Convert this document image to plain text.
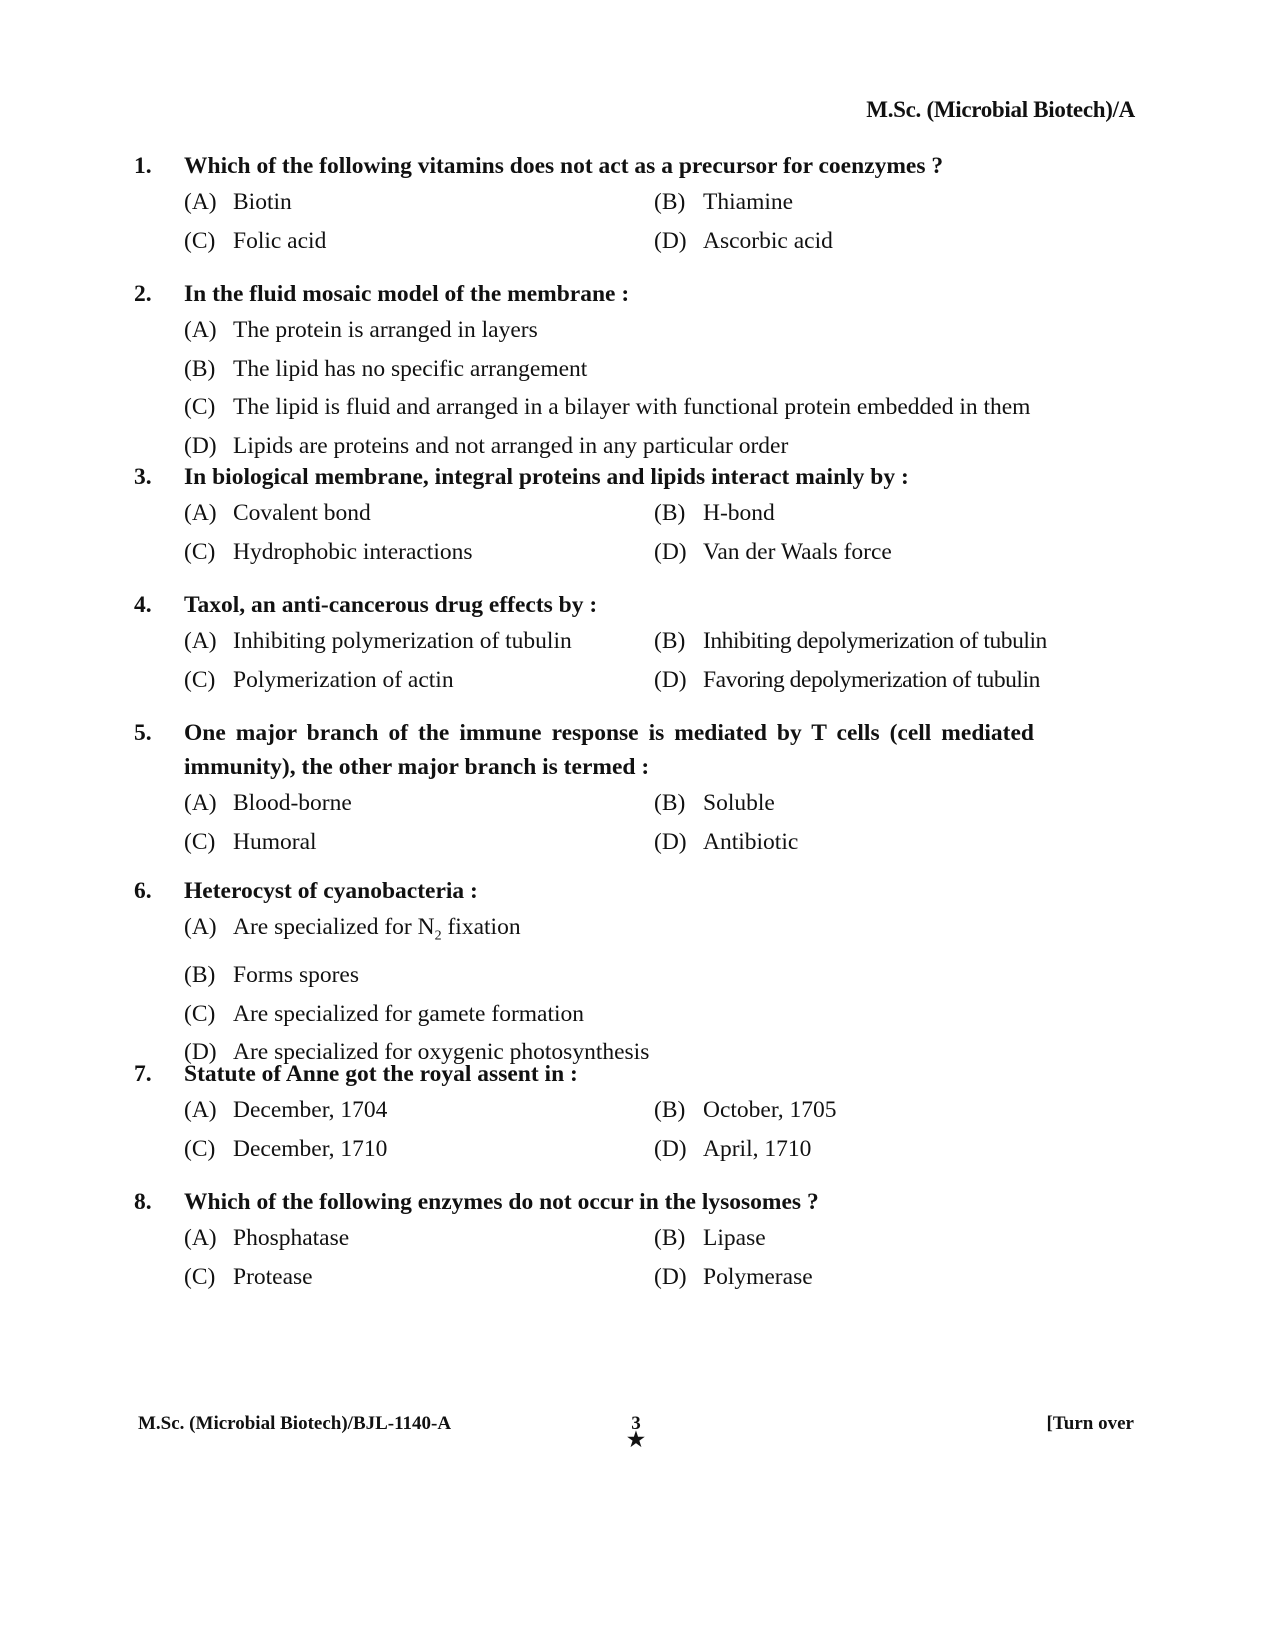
M.Sc. (Microbial Biotech)/A
1.	Which of the following vitamins does not act as a precursor for coenzymes ?
(A) Biotin	(B) Thiamine
(C) Folic acid	(D) Ascorbic acid
2.	In the fluid mosaic model of the membrane :
(A) The protein is arranged in layers
(B) The lipid has no specific arrangement
(C) The lipid is fluid and arranged in a bilayer with functional protein embedded in them
(D) Lipids are proteins and not arranged in any particular order
3.	In biological membrane, integral proteins and lipids interact mainly by :
(A) Covalent bond	(B) H-bond
(C) Hydrophobic interactions	(D) Van der Waals force
4.	Taxol, an anti-cancerous drug effects by :
(A) Inhibiting polymerization of tubulin	(B) Inhibiting depolymerization of tubulin
(C) Polymerization of actin	(D) Favoring depolymerization of tubulin
5.	One major branch of the immune response is mediated by T cells (cell mediated immunity), the other major branch is termed :
(A) Blood-borne	(B) Soluble
(C) Humoral	(D) Antibiotic
6.	Heterocyst of cyanobacteria :
(A) Are specialized for $N_2$ fixation
(B) Forms spores
(C) Are specialized for gamete formation
(D) Are specialized for oxygenic photosynthesis
7.	Statute of Anne got the royal assent in :
(A) December, 1704	(B) October, 1705
(C) December, 1710	(D) April, 1710
8.	Which of the following enzymes do not occur in the lysosomes ?
(A) Phosphatase	(B) Lipase
(C) Protease	(D) Polymerase
M.Sc. (Microbial Biotech)/BJL-1140-A	3
★
[Turn over
